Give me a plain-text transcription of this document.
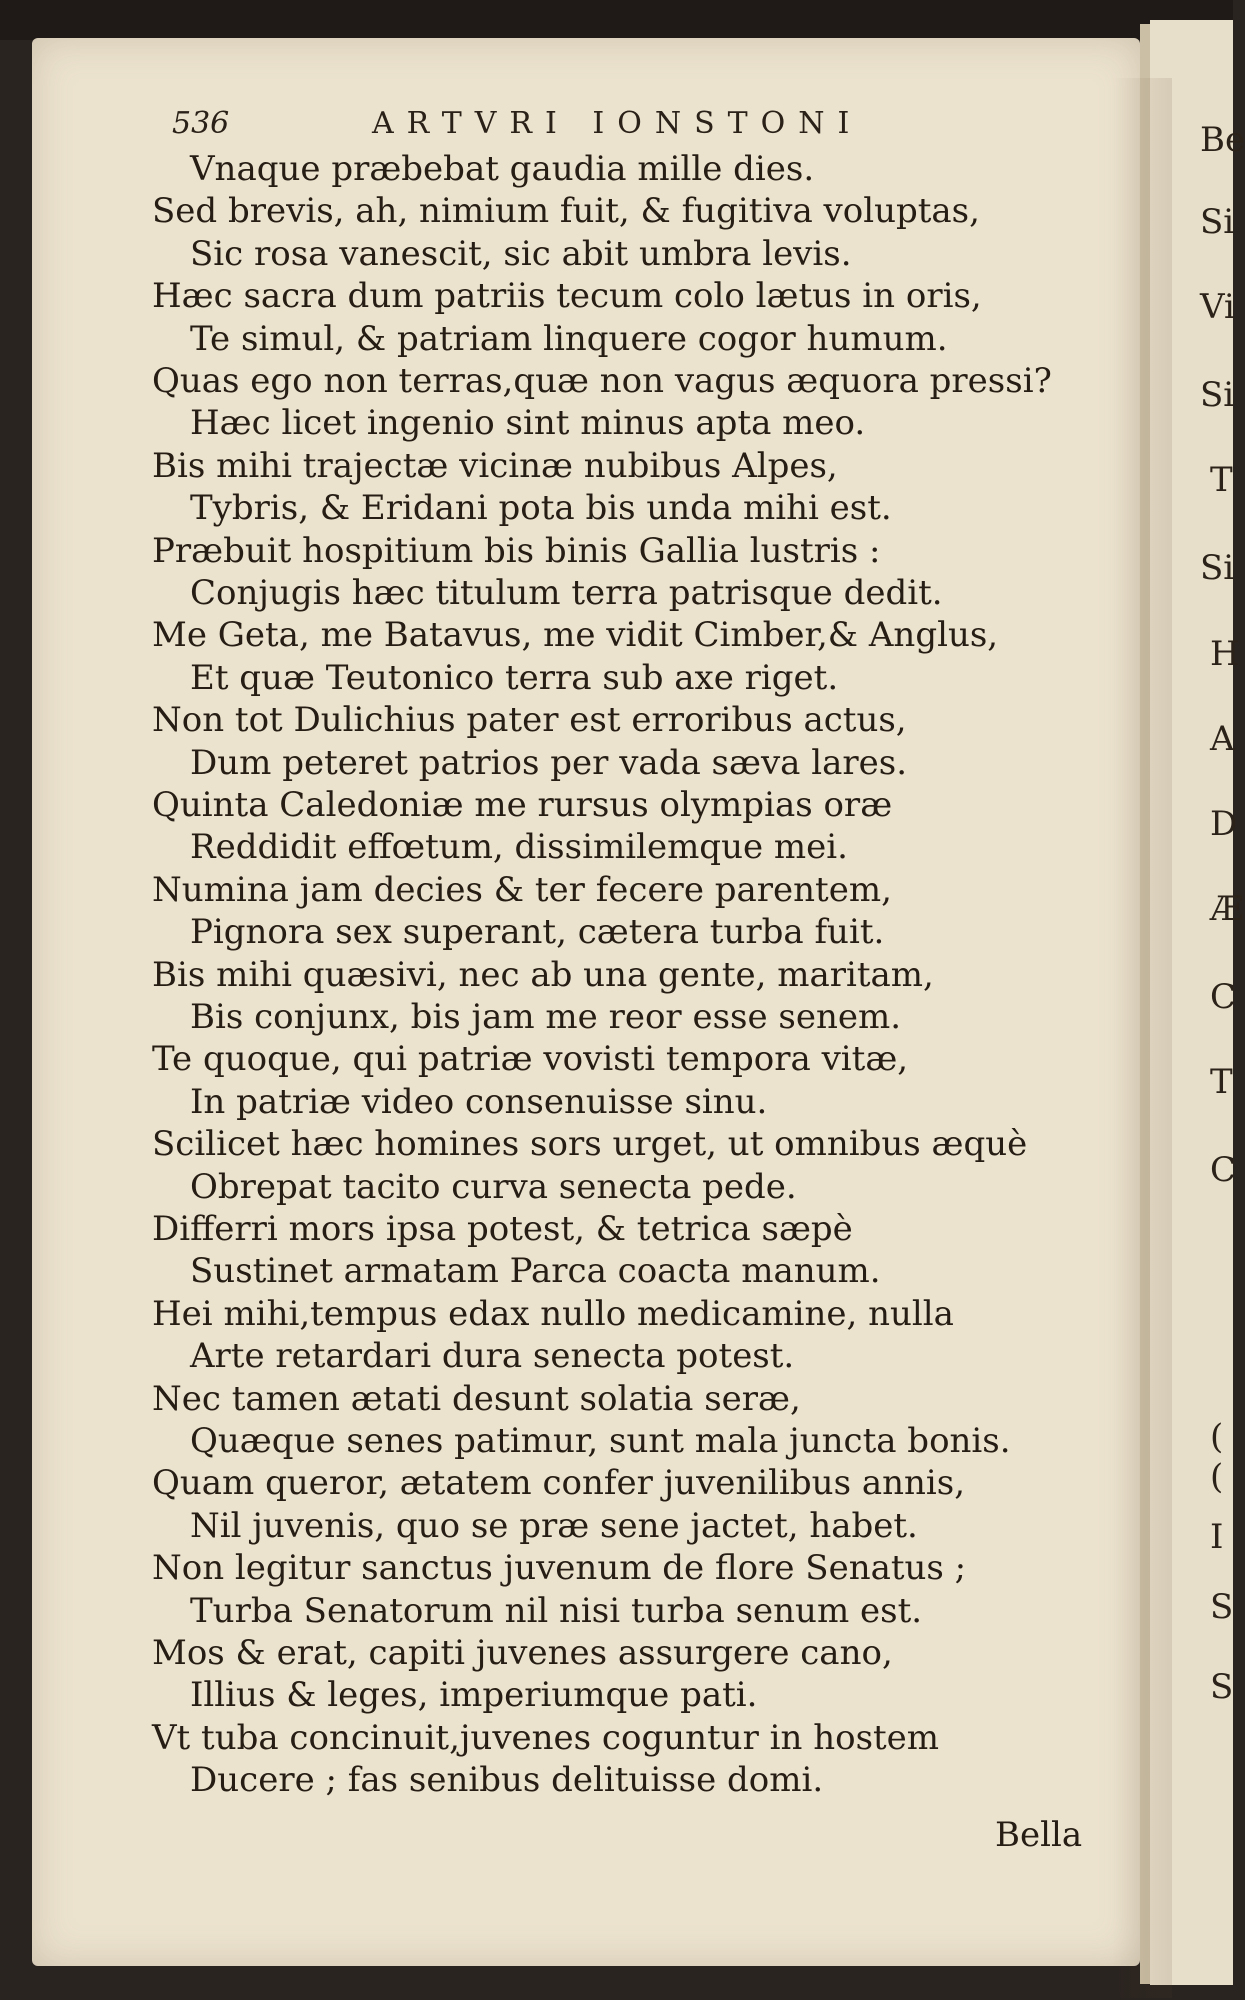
Be
Si
Vi
Si
T
Si
H
A
D
Æ
C
T
C
(
(
I
S
S
536	ARTVRI IONSTONI
Vnaque præbebat gaudia mille dies.
Sed brevis, ah, nimium fuit, & fugitiva voluptas,
Sic rosa vanescit, sic abit umbra levis.
Hæc sacra dum patriis tecum colo lætus in oris,
Te simul, & patriam linquere cogor humum.
Quas ego non terras,quæ non vagus æquora pressi?
Hæc licet ingenio sint minus apta meo.
Bis mihi trajectæ vicinæ nubibus Alpes,
Tybris, & Eridani pota bis unda mihi est.
Præbuit hospitium bis binis Gallia lustris :
Conjugis hæc titulum terra patrisque dedit.
Me Geta, me Batavus, me vidit Cimber,& Anglus,
Et quæ Teutonico terra sub axe riget.
Non tot Dulichius pater est erroribus actus,
Dum peteret patrios per vada sæva lares.
Quinta Caledoniæ me rursus olympias oræ
Reddidit effœtum, dissimilemque mei.
Numina jam decies & ter fecere parentem,
Pignora sex superant, cætera turba fuit.
Bis mihi quæsivi, nec ab una gente, maritam,
Bis conjunx, bis jam me reor esse senem.
Te quoque, qui patriæ vovisti tempora vitæ,
In patriæ video consenuisse sinu.
Scilicet hæc homines sors urget, ut omnibus æquè
Obrepat tacito curva senecta pede.
Differri mors ipsa potest, & tetrica sæpè
Sustinet armatam Parca coacta manum.
Hei mihi,tempus edax nullo medicamine, nulla
Arte retardari dura senecta potest.
Nec tamen ætati desunt solatia seræ,
Quæque senes patimur, sunt mala juncta bonis.
Quam queror, ætatem confer juvenilibus annis,
Nil juvenis, quo se præ sene jactet, habet.
Non legitur sanctus juvenum de flore Senatus ;
Turba Senatorum nil nisi turba senum est.
Mos & erat, capiti juvenes assurgere cano,
Illius & leges, imperiumque pati.
Vt tuba concinuit,juvenes coguntur in hostem
Ducere ; fas senibus delituisse domi.
Bella
